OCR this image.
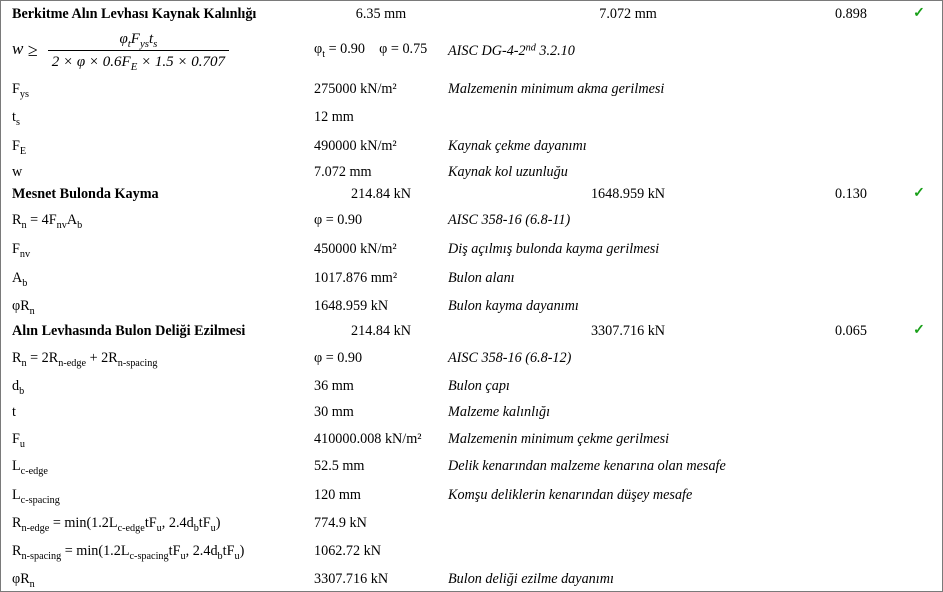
Berkitme Alın Levhası Kaynak Kalınlığı	6.35 mm	7.072 mm	0.898	✓
$w \ge \frac{\varphi_tF_{ys}t_s}{2 \times \varphi \times 0.6F_E \times 1.5 \times 0.707}$	$\varphi_t = 0.90$    φ = 0.75 AISC DG-4-2nd 3.2.10
$F_{ys}$	275000 kN/m²	Malzemenin minimum akma gerilmesi
$t_s$	12 mm
$F_E$	490000 kN/m²	Kaynak çekme dayanımı
w	7.072 mm	Kaynak kol uzunluğu
Mesnet Bulonda Kayma	214.84 kN	1648.959 kN	0.130	✓
$R_n = 4F_{nv}A_b$	φ = 0.90	AISC 358-16 (6.8-11)
$F_{nv}$	450000 kN/m²	Diş açılmış bulonda kayma gerilmesi
$A_b$	1017.876 mm²	Bulon alanı
$\varphi R_n$	1648.959 kN	Bulon kayma dayanımı
Alın Levhasında Bulon Deliği Ezilmesi	214.84 kN	3307.716 kN	0.065	✓
$R_n = 2R_{n-edge} + 2R_{n-spacing}$	φ = 0.90	AISC 358-16 (6.8-12)
$d_b$	36 mm	Bulon çapı
t	30 mm	Malzeme kalınlığı
$F_u$	410000.008 kN/m² Malzemenin minimum çekme gerilmesi
$L_{c-edge}$	52.5 mm	Delik kenarından malzeme kenarına olan mesafe
$L_{c-spacing}$	120 mm	Komşu deliklerin kenarından düşey mesafe
$R_{n-edge} = \min(1.2L_{c-edge}tF_u$, $2.4d_btF_u$)	774.9 kN
$R_{n-spacing} = \min(1.2L_{c-spacing}tF_u$, $2.4d_btF_u$)	1062.72 kN
$\varphi R_n$	3307.716 kN	Bulon deliği ezilme dayanımı
